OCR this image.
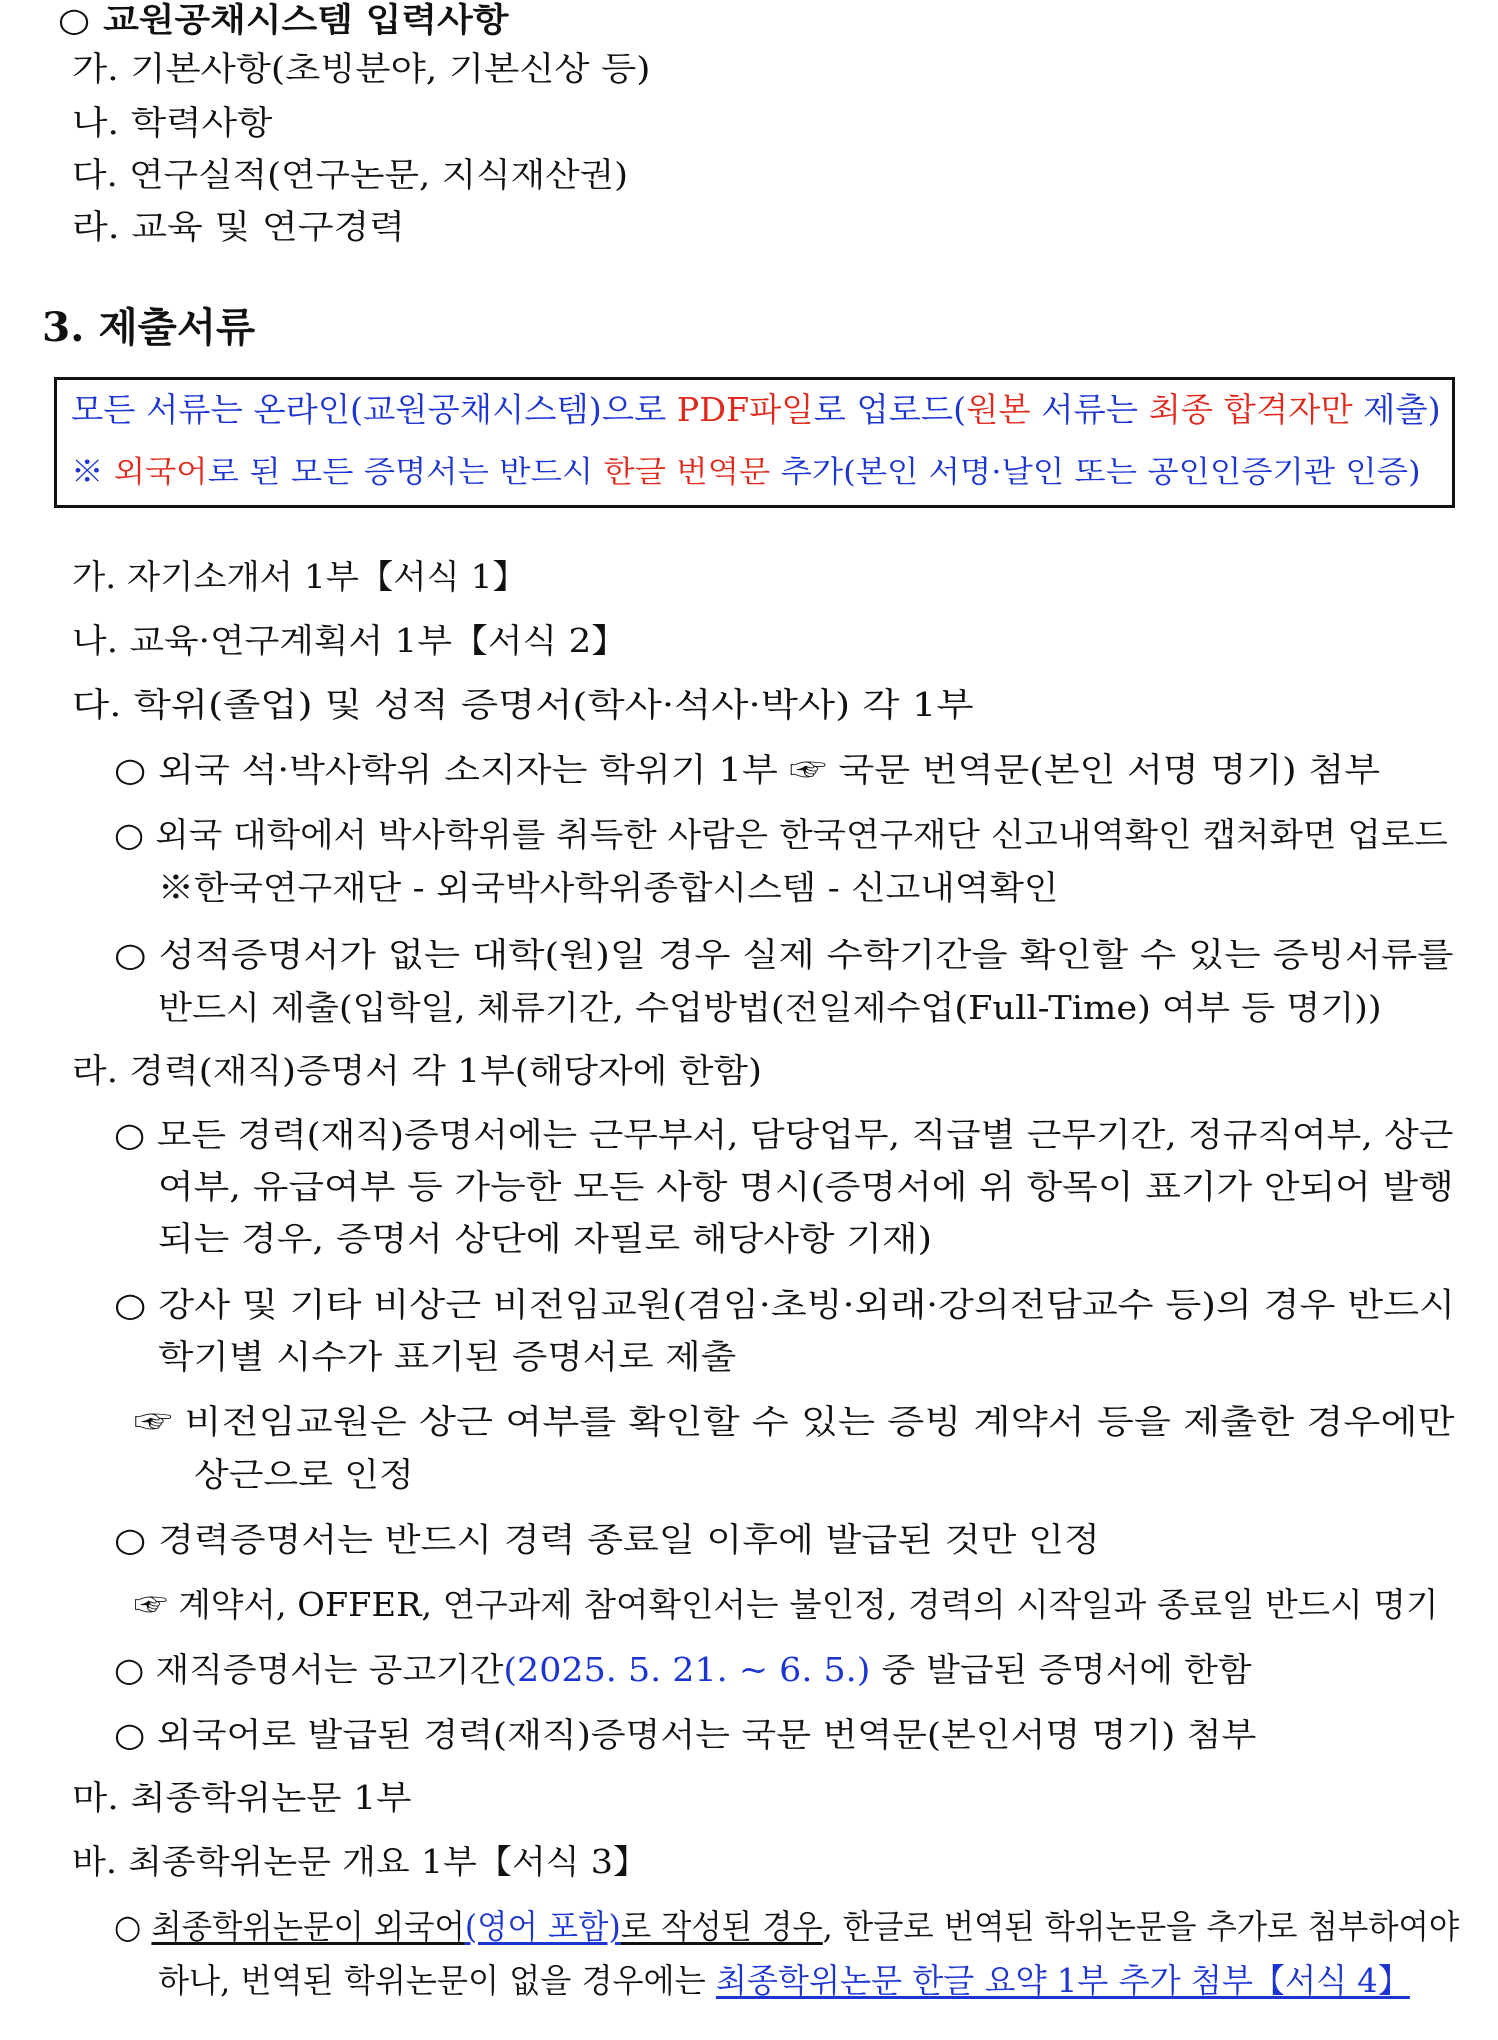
○ 교원공채시스템 입력사항
가. 기본사항(초빙분야, 기본신상 등)
나. 학력사항
다. 연구실적(연구논문, 지식재산권)
라. 교육 및 연구경력
3. 제출서류
모든 서류는 온라인(교원공채시스템)으로 PDF파일로 업로드(원본 서류는 최종 합격자만 제출)
※ 외국어로 된 모든 증명서는 반드시 한글 번역문 추가(본인 서명·날인 또는 공인인증기관 인증)
가. 자기소개서 1부【서식 1】
나. 교육·연구계획서 1부【서식 2】
다. 학위(졸업) 및 성적 증명서(학사·석사·박사) 각 1부
○ 외국 석·박사학위 소지자는 학위기 1부 ☞ 국문 번역문(본인 서명 명기) 첨부
○ 외국 대학에서 박사학위를 취득한 사람은 한국연구재단 신고내역확인 캡처화면 업로드
※한국연구재단 - 외국박사학위종합시스템 - 신고내역확인
○ 성적증명서가 없는 대학(원)일 경우 실제 수학기간을 확인할 수 있는 증빙서류를
반드시 제출(입학일, 체류기간, 수업방법(전일제수업(Full-Time) 여부 등 명기))
라. 경력(재직)증명서 각 1부(해당자에 한함)
○ 모든 경력(재직)증명서에는 근무부서, 담당업무, 직급별 근무기간, 정규직여부, 상근
여부, 유급여부 등 가능한 모든 사항 명시(증명서에 위 항목이 표기가 안되어 발행
되는 경우, 증명서 상단에 자필로 해당사항 기재)
○ 강사 및 기타 비상근 비전임교원(겸임·초빙·외래·강의전담교수 등)의 경우 반드시
학기별 시수가 표기된 증명서로 제출
☞ 비전임교원은 상근 여부를 확인할 수 있는 증빙 계약서 등을 제출한 경우에만
상근으로 인정
○ 경력증명서는 반드시 경력 종료일 이후에 발급된 것만 인정
☞ 계약서, OFFER, 연구과제 참여확인서는 불인정, 경력의 시작일과 종료일 반드시 명기
○ 재직증명서는 공고기간(2025. 5. 21. ~ 6. 5.) 중 발급된 증명서에 한함
○ 외국어로 발급된 경력(재직)증명서는 국문 번역문(본인서명 명기) 첨부
마. 최종학위논문 1부
바. 최종학위논문 개요 1부【서식 3】
○ 최종학위논문이 외국어(영어 포함)로 작성된 경우, 한글로 번역된 학위논문을 추가로 첨부하여야
하나, 번역된 학위논문이 없을 경우에는 최종학위논문 한글 요약 1부 추가 첨부【서식 4】
